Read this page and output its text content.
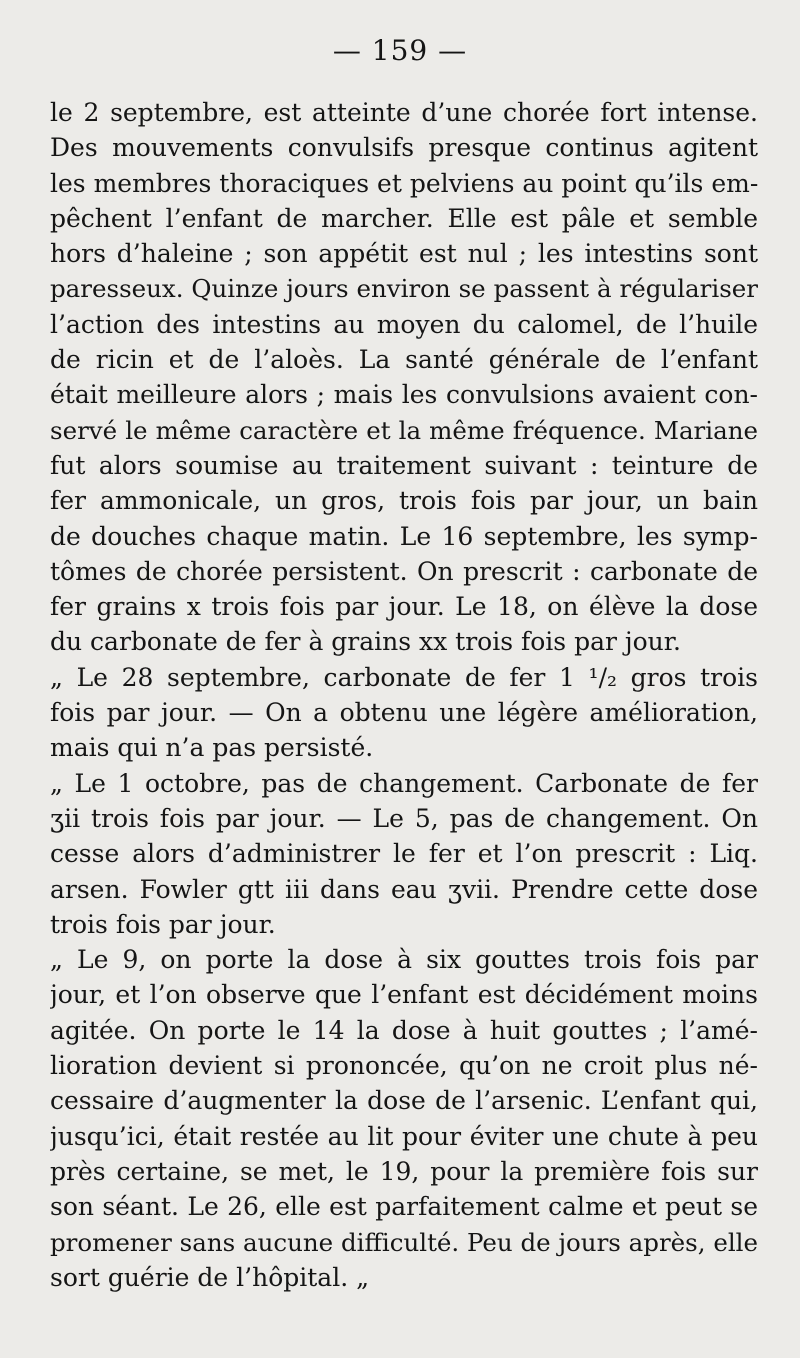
— 159 —
le 2 septembre, est atteinte d’une chorée fort intense.
Des mouvements convulsifs presque continus agitent
les membres thoraciques et pelviens au point qu’ils em-
pêchent l’enfant de marcher. Elle est pâle et semble
hors d’haleine ; son appétit est nul ; les intestins sont
paresseux. Quinze jours environ se passent à régulariser
l’action des intestins au moyen du calomel, de l’huile
de ricin et de l’aloès. La santé générale de l’enfant
était meilleure alors ; mais les convulsions avaient con-
servé le même caractère et la même fréquence. Mariane
fut alors soumise au traitement suivant : teinture de
fer ammonicale, un gros, trois fois par jour, un bain
de douches chaque matin. Le 16 septembre, les symp-
tômes de chorée persistent. On prescrit : carbonate de
fer grains x trois fois par jour. Le 18, on élève la dose
du carbonate de fer à grains xx trois fois par jour.
„ Le 28 septembre, carbonate de fer 1 ¹/₂ gros trois
fois par jour. — On a obtenu une légère amélioration,
mais qui n’a pas persisté.
„ Le 1 octobre, pas de changement. Carbonate de fer
ʒii trois fois par jour. — Le 5, pas de changement. On
cesse alors d’administrer le fer et l’on prescrit : Liq.
arsen. Fowler gtt iii dans eau ʒvii. Prendre cette dose
trois fois par jour.
„ Le 9, on porte la dose à six gouttes trois fois par
jour, et l’on observe que l’enfant est décidément moins
agitée. On porte le 14 la dose à huit gouttes ; l’amé-
lioration devient si prononcée, qu’on ne croit plus né-
cessaire d’augmenter la dose de l’arsenic. L’enfant qui,
jusqu’ici, était restée au lit pour éviter une chute à peu
près certaine, se met, le 19, pour la première fois sur
son séant. Le 26, elle est parfaitement calme et peut se
promener sans aucune difficulté. Peu de jours après, elle
sort guérie de l’hôpital. „
